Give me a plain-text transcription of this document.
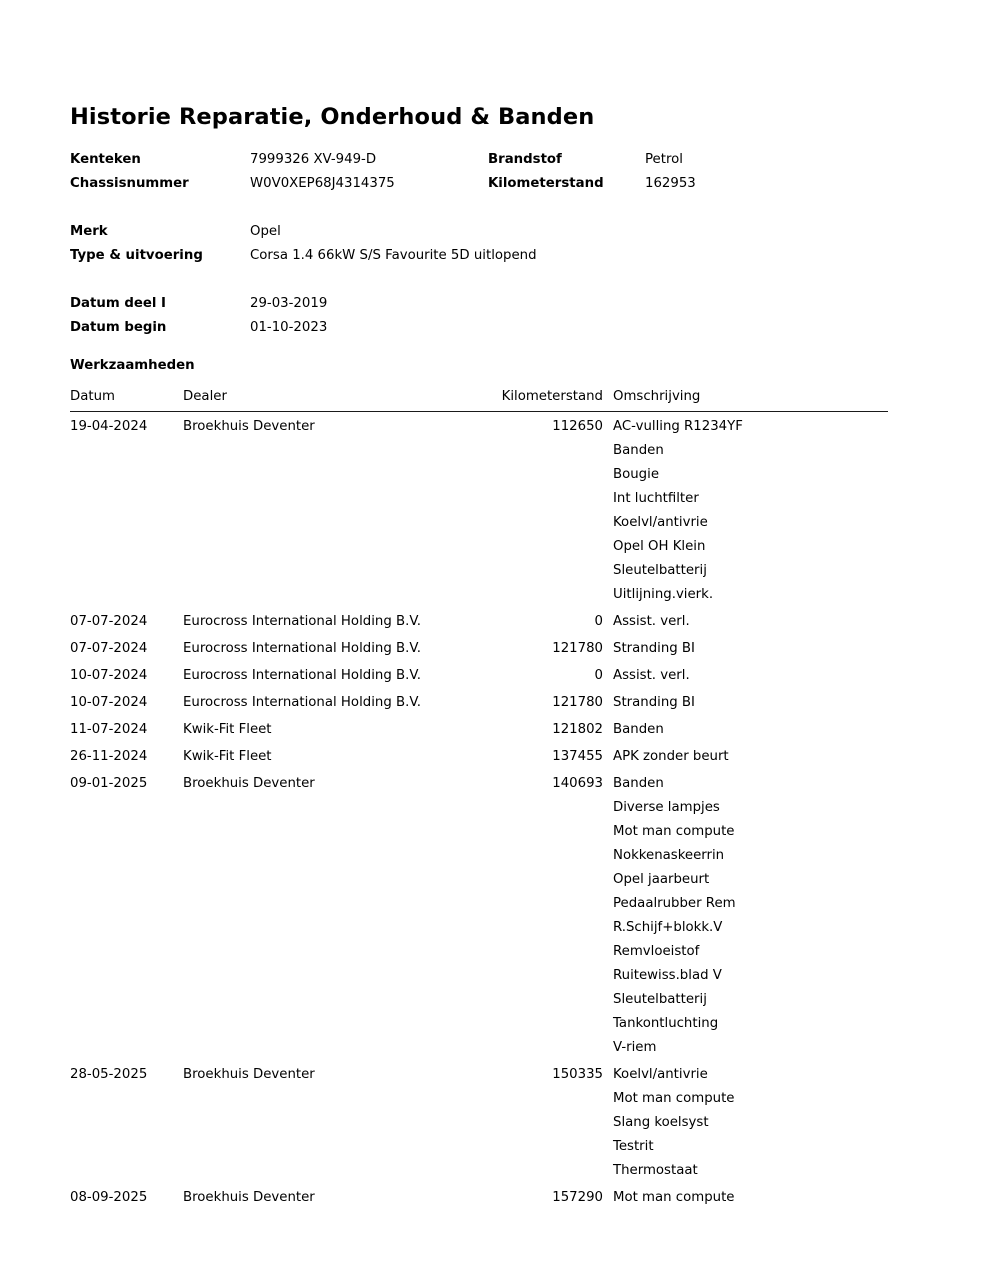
Historie Reparatie, Onderhoud & Banden
Kenteken	7999326 XV-949-D	Brandstof	Petrol
Chassisnummer	W0V0XEP68J4314375	Kilometerstand	162953
Merk	Opel
Type & uitvoering	Corsa 1.4 66kW S/S Favourite 5D uitlopend
Datum deel I	29-03-2019
Datum begin	01-10-2023
Werkzaamheden
Datum	Dealer	Kilometerstand	Omschrijving
19-04-2024	Broekhuis Deventer	112650	AC-vulling R1234YF
Banden
Bougie
Int luchtfilter
Koelvl/antivrie
Opel OH Klein
Sleutelbatterij
Uitlijning.vierk.

07-07-2024	Eurocross International Holding B.V.	0	Assist. verl.

07-07-2024	Eurocross International Holding B.V.	121780	Stranding BI

10-07-2024	Eurocross International Holding B.V.	0	Assist. verl.

10-07-2024	Eurocross International Holding B.V.	121780	Stranding BI

11-07-2024	Kwik-Fit Fleet	121802	Banden

26-11-2024	Kwik-Fit Fleet	137455	APK zonder beurt

09-01-2025	Broekhuis Deventer	140693	Banden
Diverse lampjes
Mot man compute
Nokkenaskeerrin
Opel jaarbeurt
Pedaalrubber Rem
R.Schijf+blokk.V
Remvloeistof
Ruitewiss.blad V
Sleutelbatterij
Tankontluchting
V-riem

28-05-2025	Broekhuis Deventer	150335	Koelvl/antivrie
Mot man compute
Slang koelsyst
Testrit
Thermostaat

08-09-2025	Broekhuis Deventer	157290	Mot man compute
